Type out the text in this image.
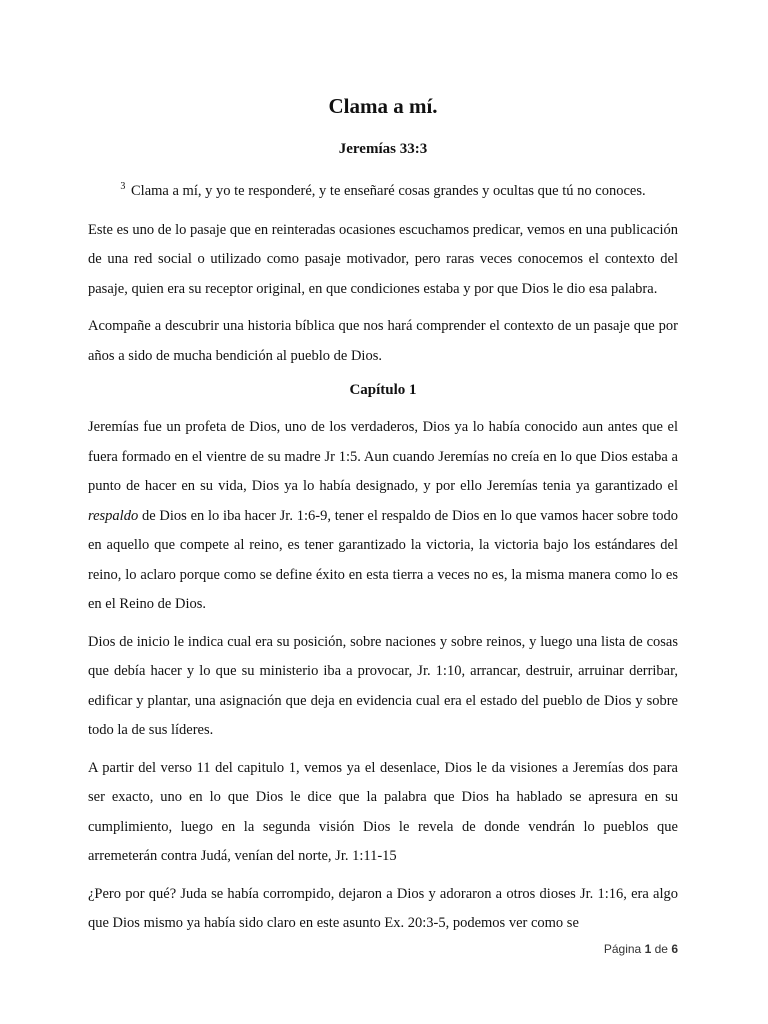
Clama a mí.
Jeremías 33:3
$^3$ Clama a mí, y yo te responderé, y te enseñaré cosas grandes y ocultas que tú no conoces.

Este es uno de lo pasaje que en reinteradas ocasiones escuchamos predicar, vemos en una publicación de una red social o utilizado como pasaje motivador, pero raras veces conocemos el contexto del pasaje, quien era su receptor original, en que condiciones estaba y por que Dios le dio esa palabra.

Acompañe a descubrir una historia bíblica que nos hará comprender el contexto de un pasaje que por años a sido de mucha bendición al pueblo de Dios.

Capítulo 1

Jeremías fue un profeta de Dios, uno de los verdaderos, Dios ya lo había conocido aun antes que el fuera formado en el vientre de su madre Jr 1:5. Aun cuando Jeremías no creía en lo que Dios estaba a punto de hacer en su vida, Dios ya lo había designado, y por ello Jeremías tenia ya garantizado el respaldo de Dios en lo iba hacer Jr. 1:6-9, tener el respaldo de Dios en lo que vamos hacer sobre todo en aquello que compete al reino, es tener garantizado la victoria, la victoria bajo los estándares del reino, lo aclaro porque como se define éxito en esta tierra a veces no es, la misma manera como lo es en el Reino de Dios.

Dios de inicio le indica cual era su posición, sobre naciones y sobre reinos, y luego una lista de cosas que debía hacer y lo que su ministerio iba a provocar, Jr. 1:10, arrancar, destruir, arruinar derribar, edificar y plantar, una asignación que deja en evidencia cual era el estado del pueblo de Dios y sobre todo la de sus líderes.

A partir del verso 11 del capitulo 1, vemos ya el desenlace, Dios le da visiones a Jeremías dos para ser exacto, uno en lo que Dios le dice que la palabra que Dios ha hablado se apresura en su cumplimiento, luego en la segunda visión Dios le revela de donde vendrán lo pueblos que arremeterán contra Judá, venían del norte, Jr. 1:11-15

¿Pero por qué? Juda se había corrompido, dejaron a Dios y adoraron a otros dioses Jr. 1:16, era algo que Dios mismo ya había sido claro en este asunto Ex. 20:3-5, podemos ver como se

Página 1 de 6
